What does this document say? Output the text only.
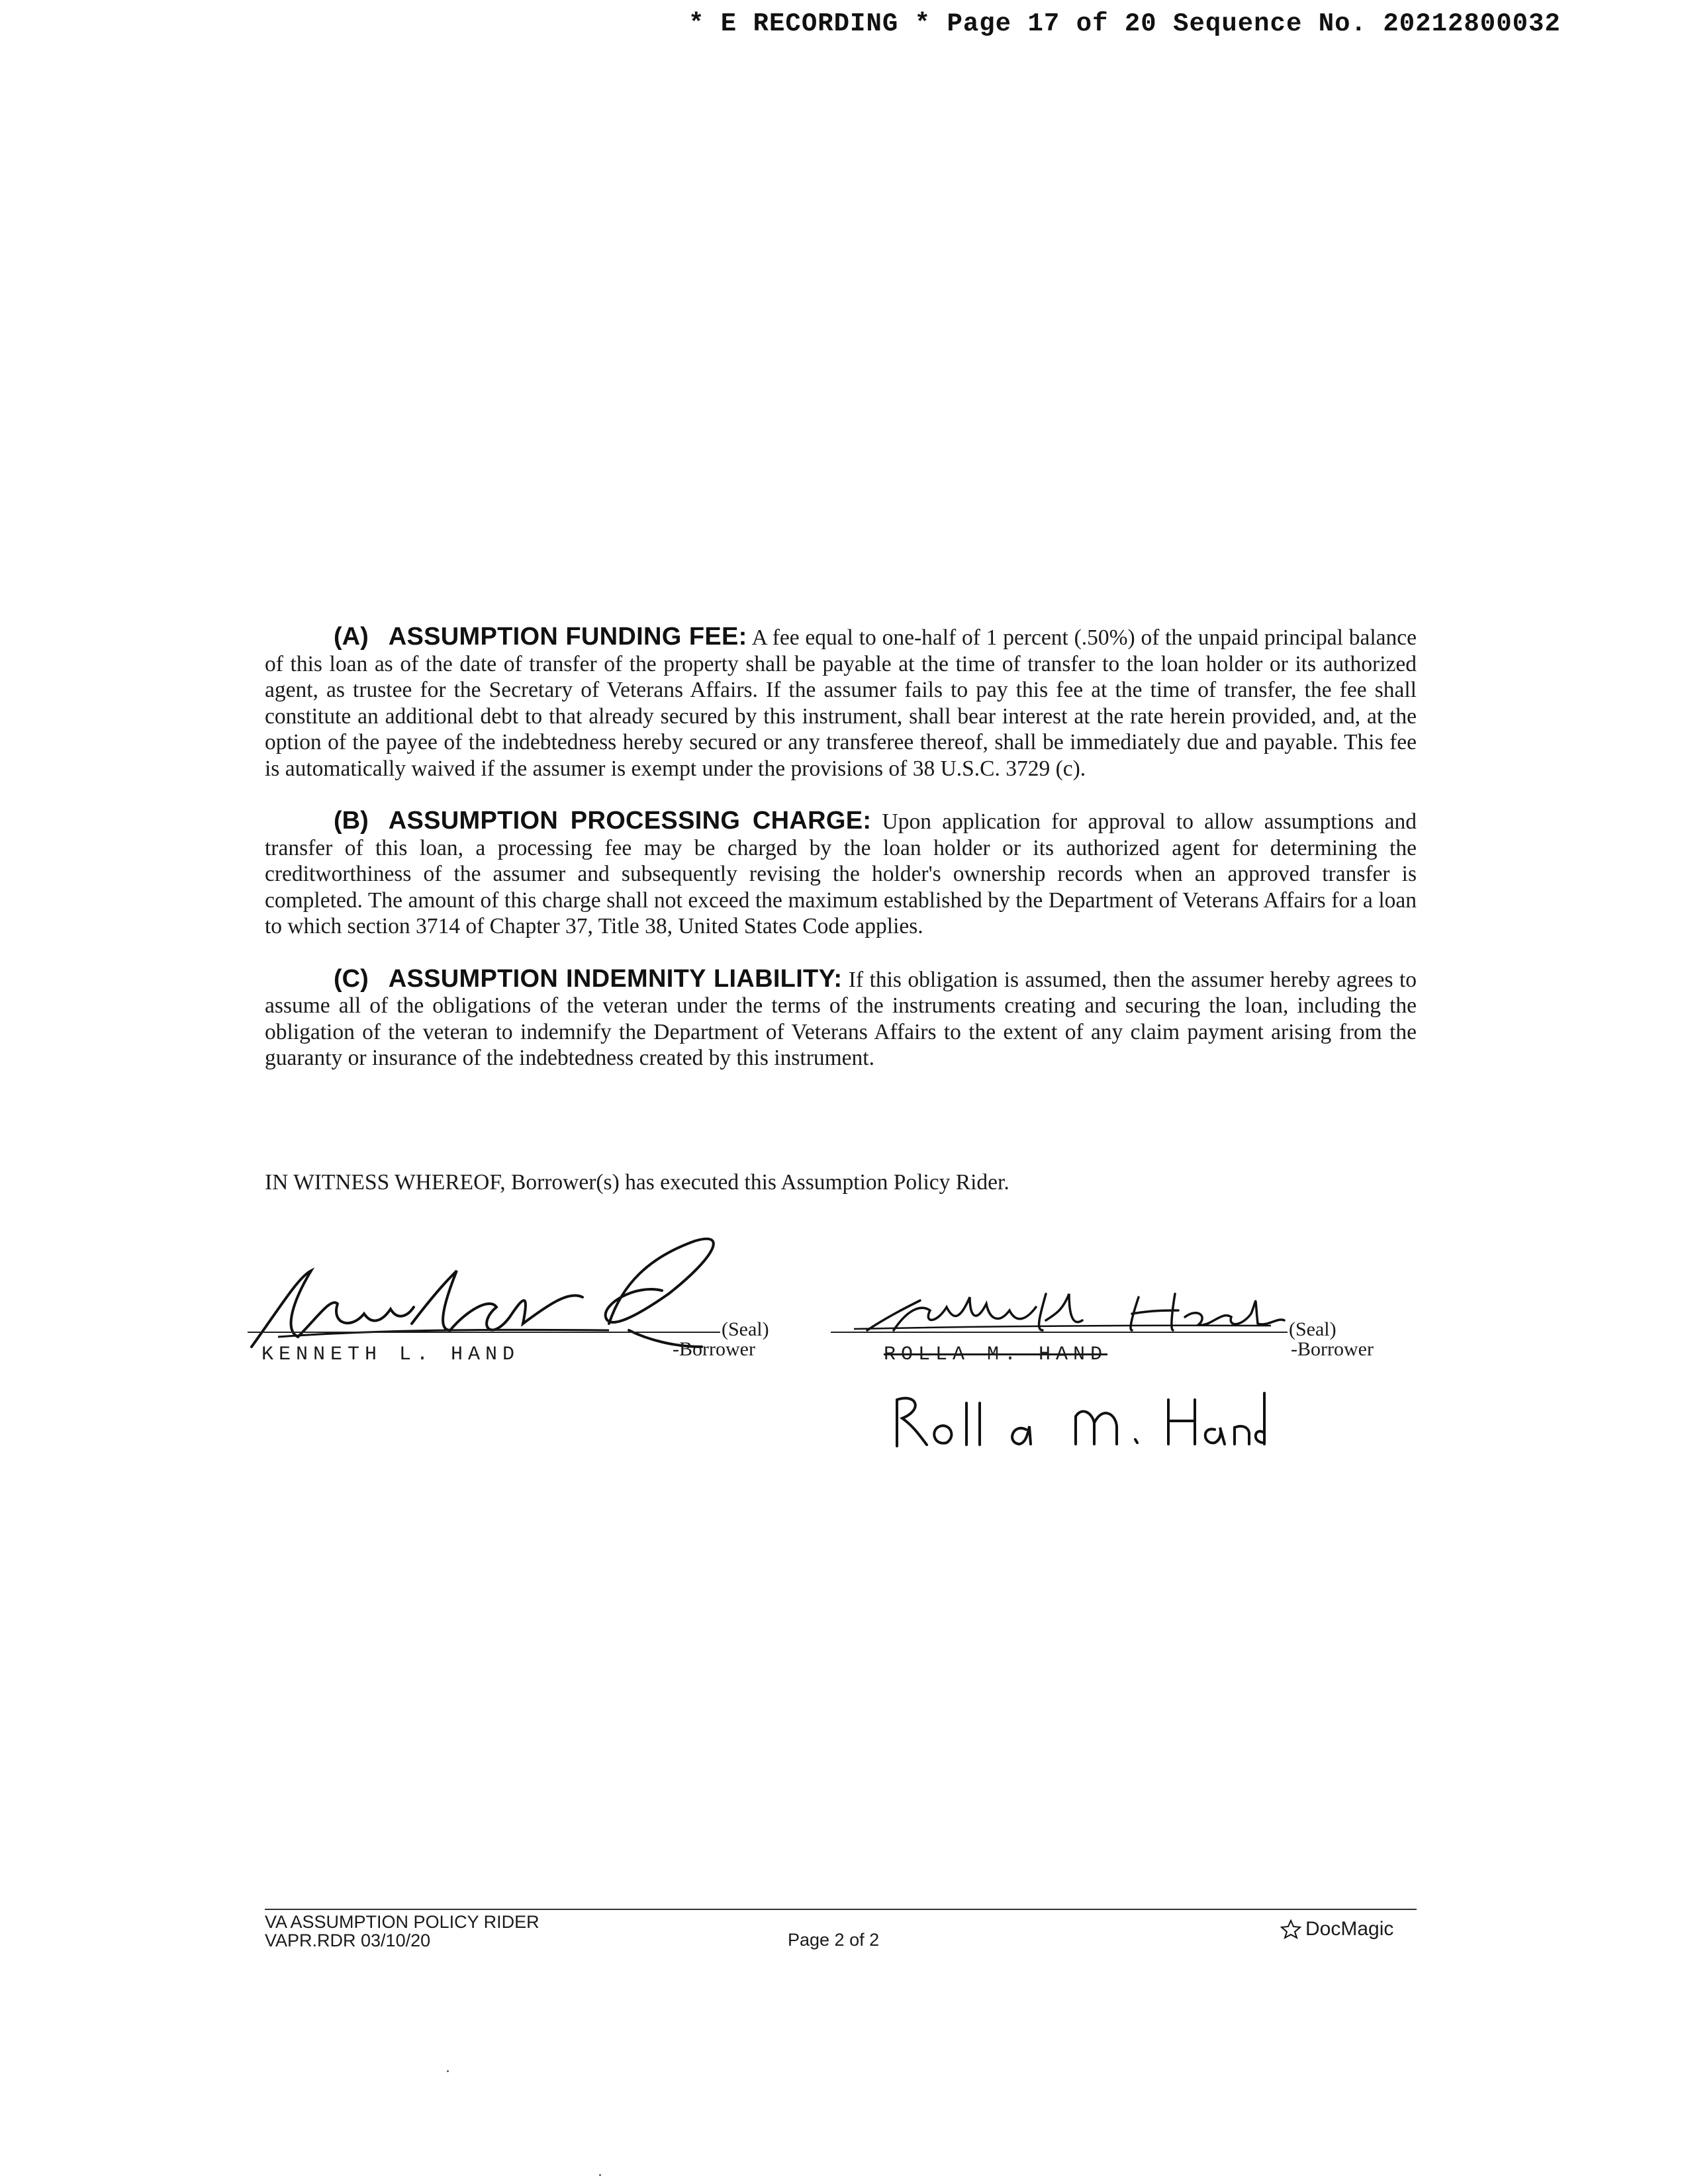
* E RECORDING * Page 17 of 20 Sequence No. 20212800032

(A) ASSUMPTION FUNDING FEE: A fee equal to one-half of 1 percent (.50%) of the unpaid principal balance of this loan as of the date of transfer of the property shall be payable at the time of transfer to the loan holder or its authorized agent, as trustee for the Secretary of Veterans Affairs. If the assumer fails to pay this fee at the time of transfer, the fee shall constitute an additional debt to that already secured by this instrument, shall bear interest at the rate herein provided, and, at the option of the payee of the indebtedness hereby secured or any transferee thereof, shall be immediately due and payable. This fee is automatically waived if the assumer is exempt under the provisions of 38 U.S.C. 3729 (c).

(B) ASSUMPTION PROCESSING CHARGE: Upon application for approval to allow assumptions and transfer of this loan, a processing fee may be charged by the loan holder or its authorized agent for determining the creditworthiness of the assumer and subsequently revising the holder's ownership records when an approved transfer is completed. The amount of this charge shall not exceed the maximum established by the Department of Veterans Affairs for a loan to which section 3714 of Chapter 37, Title 38, United States Code applies.

(C) ASSUMPTION INDEMNITY LIABILITY: If this obligation is assumed, then the assumer hereby agrees to assume all of the obligations of the veteran under the terms of the instruments creating and securing the loan, including the obligation of the veteran to indemnify the Department of Veterans Affairs to the extent of any claim payment arising from the guaranty or insurance of the indebtedness created by this instrument.

IN WITNESS WHEREOF, Borrower(s) has executed this Assumption Policy Rider.
(Seal)
KENNETH L. HAND	-Borrower
(Seal)
ROLLA M. HAND	-Borrower
VA ASSUMPTION POLICY RIDER
VAPR.RDR 03/10/20	Page 2 of 2	DocMagic
